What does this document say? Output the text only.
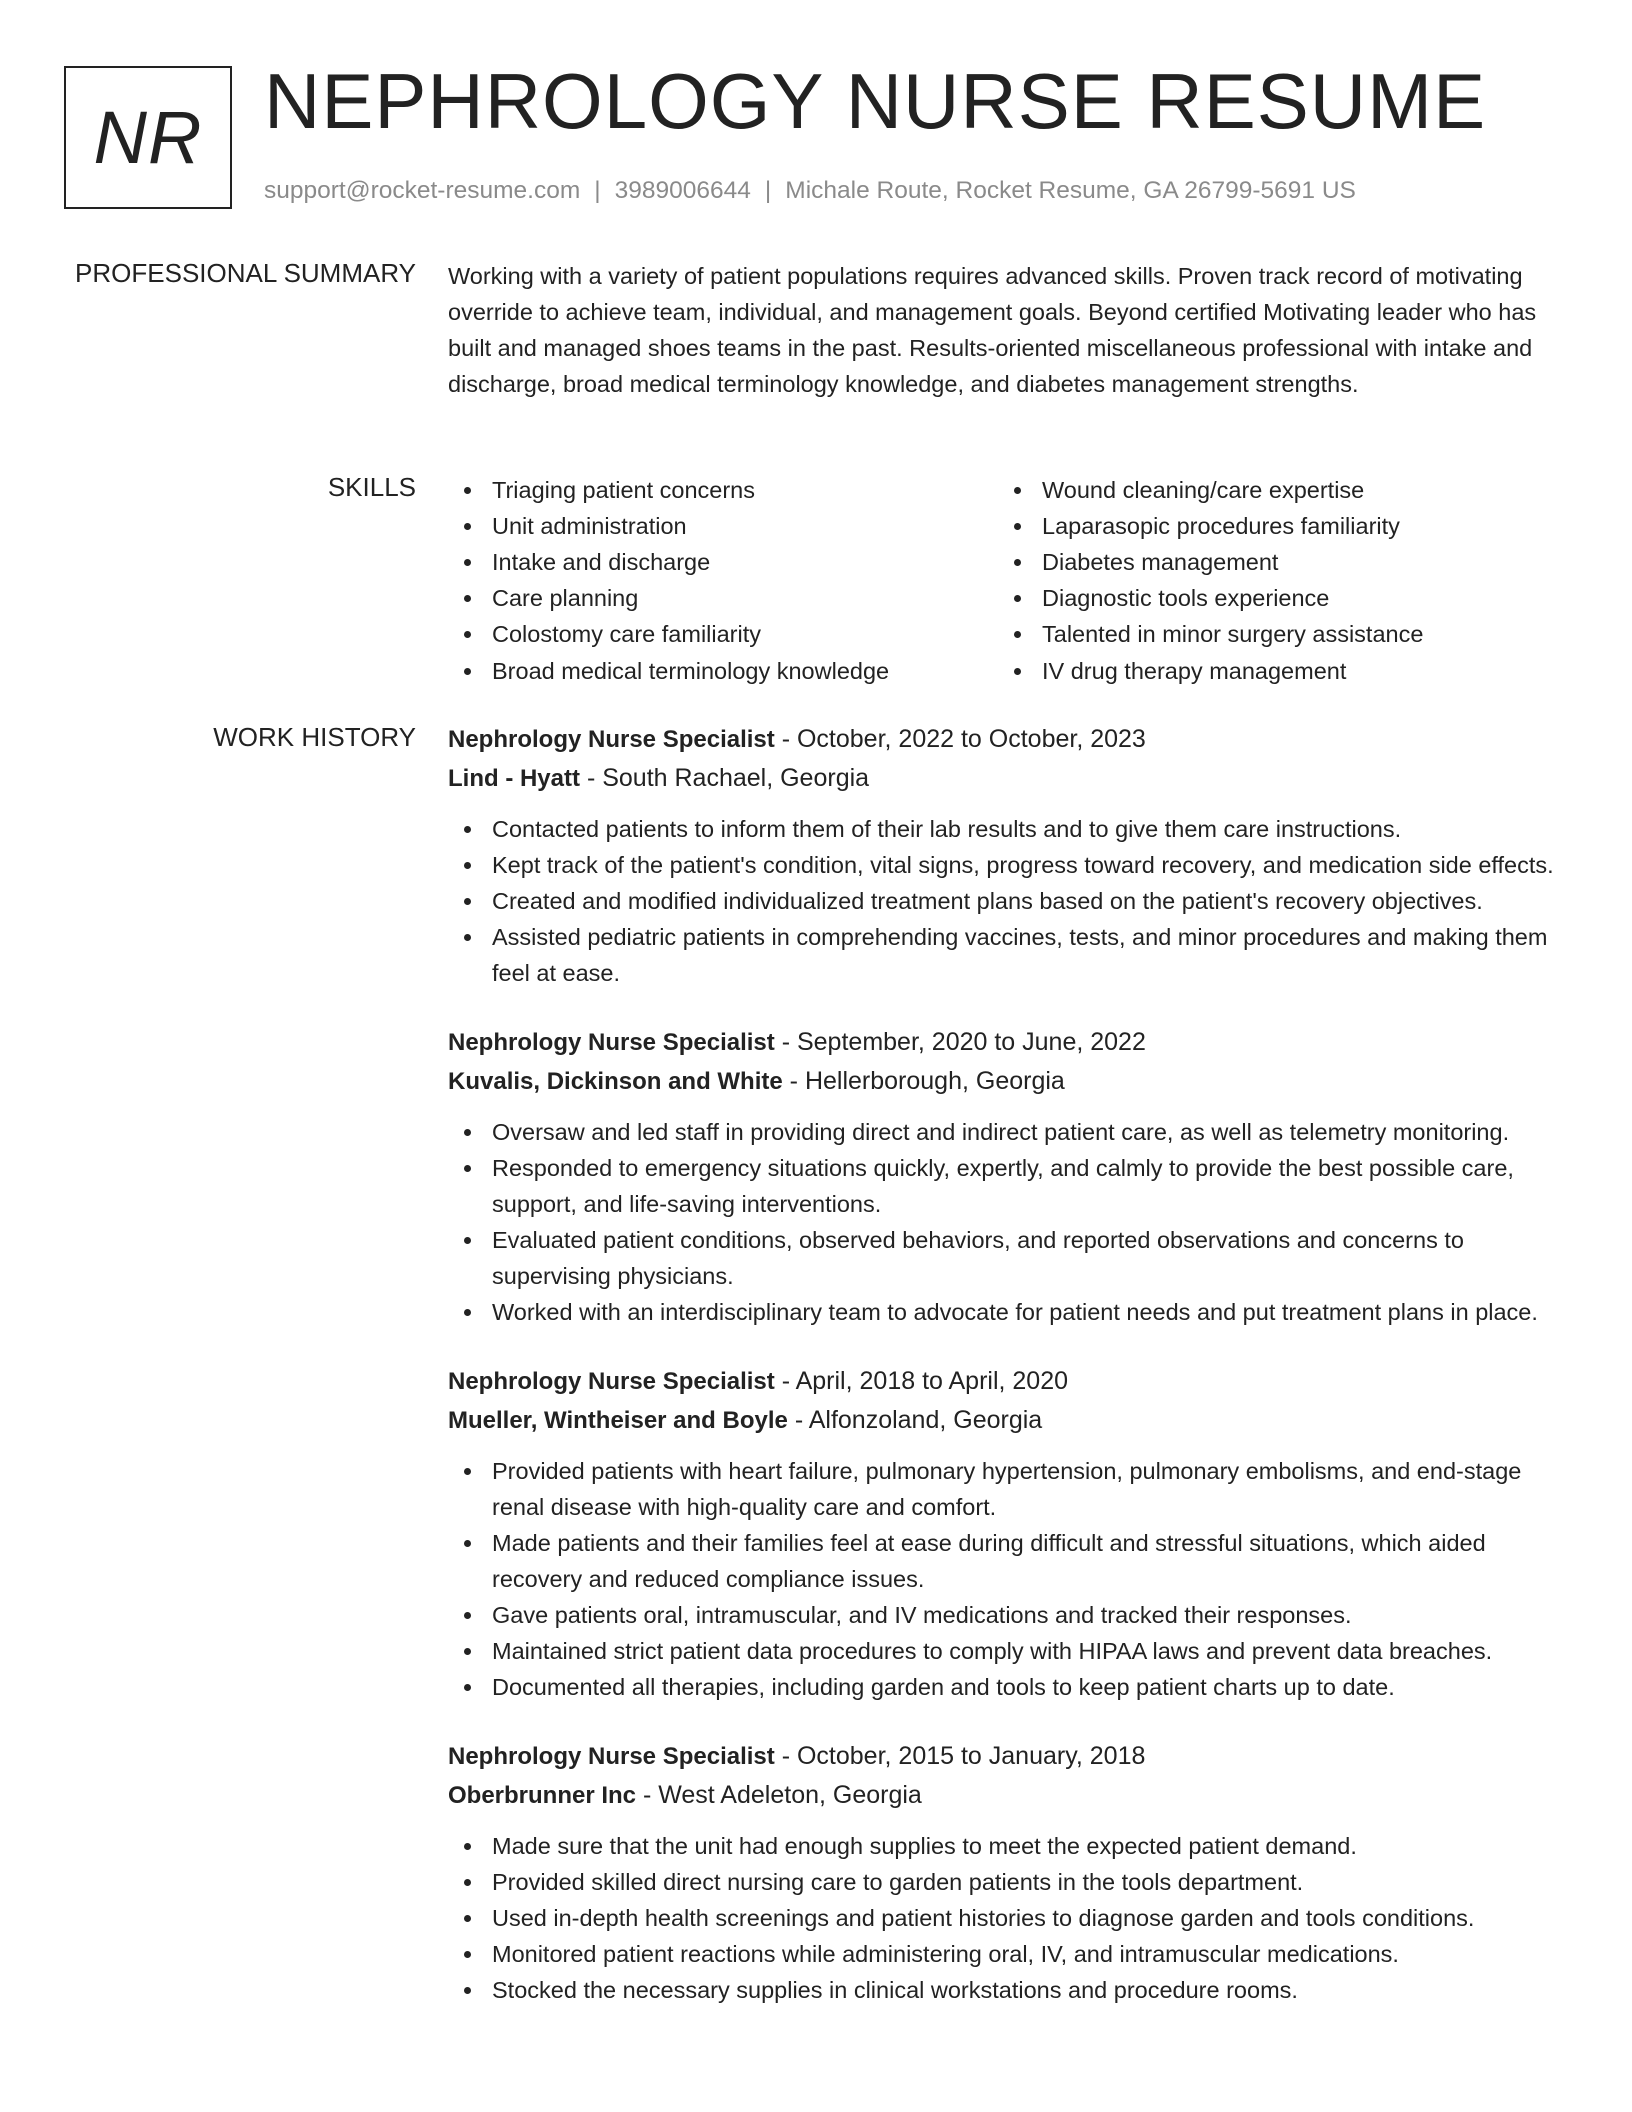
NR NEPHROLOGY NURSE RESUME
support@rocket-resume.com | 3989006644 | Michale Route, Rocket Resume, GA 26799-5691 US
PROFESSIONAL SUMMARY Working with a variety of patient populations requires advanced skills. Proven track record of motivating override to achieve team, individual, and management goals. Beyond certified Motivating leader who has built and managed shoes teams in the past. Results-oriented miscellaneous professional with intake and discharge, broad medical terminology knowledge, and diabetes management strengths.
SKILLS	Triaging patient concerns
Unit administration
Intake and discharge
Care planning
Colostomy care familiarity
Broad medical terminology knowledge
Wound cleaning/care expertise
Laparasopic procedures familiarity
Diabetes management
Diagnostic tools experience
Talented in minor surgery assistance
IV drug therapy management
WORK HISTORY Nephrology Nurse Specialist - October, 2022 to October, 2023
Lind - Hyatt - South Rachael, Georgia
Contacted patients to inform them of their lab results and to give them care instructions.
Kept track of the patient's condition, vital signs, progress toward recovery, and medication side effects.
Created and modified individualized treatment plans based on the patient's recovery objectives.
Assisted pediatric patients in comprehending vaccines, tests, and minor procedures and making them feel at ease.
Nephrology Nurse Specialist - September, 2020 to June, 2022
Kuvalis, Dickinson and White - Hellerborough, Georgia
Oversaw and led staff in providing direct and indirect patient care, as well as telemetry monitoring.
Responded to emergency situations quickly, expertly, and calmly to provide the best possible care, support, and life-saving interventions.
Evaluated patient conditions, observed behaviors, and reported observations and concerns to supervising physicians.
Worked with an interdisciplinary team to advocate for patient needs and put treatment plans in place.
Nephrology Nurse Specialist - April, 2018 to April, 2020
Mueller, Wintheiser and Boyle - Alfonzoland, Georgia
Provided patients with heart failure, pulmonary hypertension, pulmonary embolisms, and end-stage renal disease with high-quality care and comfort.
Made patients and their families feel at ease during difficult and stressful situations, which aided recovery and reduced compliance issues.
Gave patients oral, intramuscular, and IV medications and tracked their responses.
Maintained strict patient data procedures to comply with HIPAA laws and prevent data breaches.
Documented all therapies, including garden and tools to keep patient charts up to date.
Nephrology Nurse Specialist - October, 2015 to January, 2018
Oberbrunner Inc - West Adeleton, Georgia
Made sure that the unit had enough supplies to meet the expected patient demand.
Provided skilled direct nursing care to garden patients in the tools department.
Used in-depth health screenings and patient histories to diagnose garden and tools conditions.
Monitored patient reactions while administering oral, IV, and intramuscular medications.
Stocked the necessary supplies in clinical workstations and procedure rooms.
